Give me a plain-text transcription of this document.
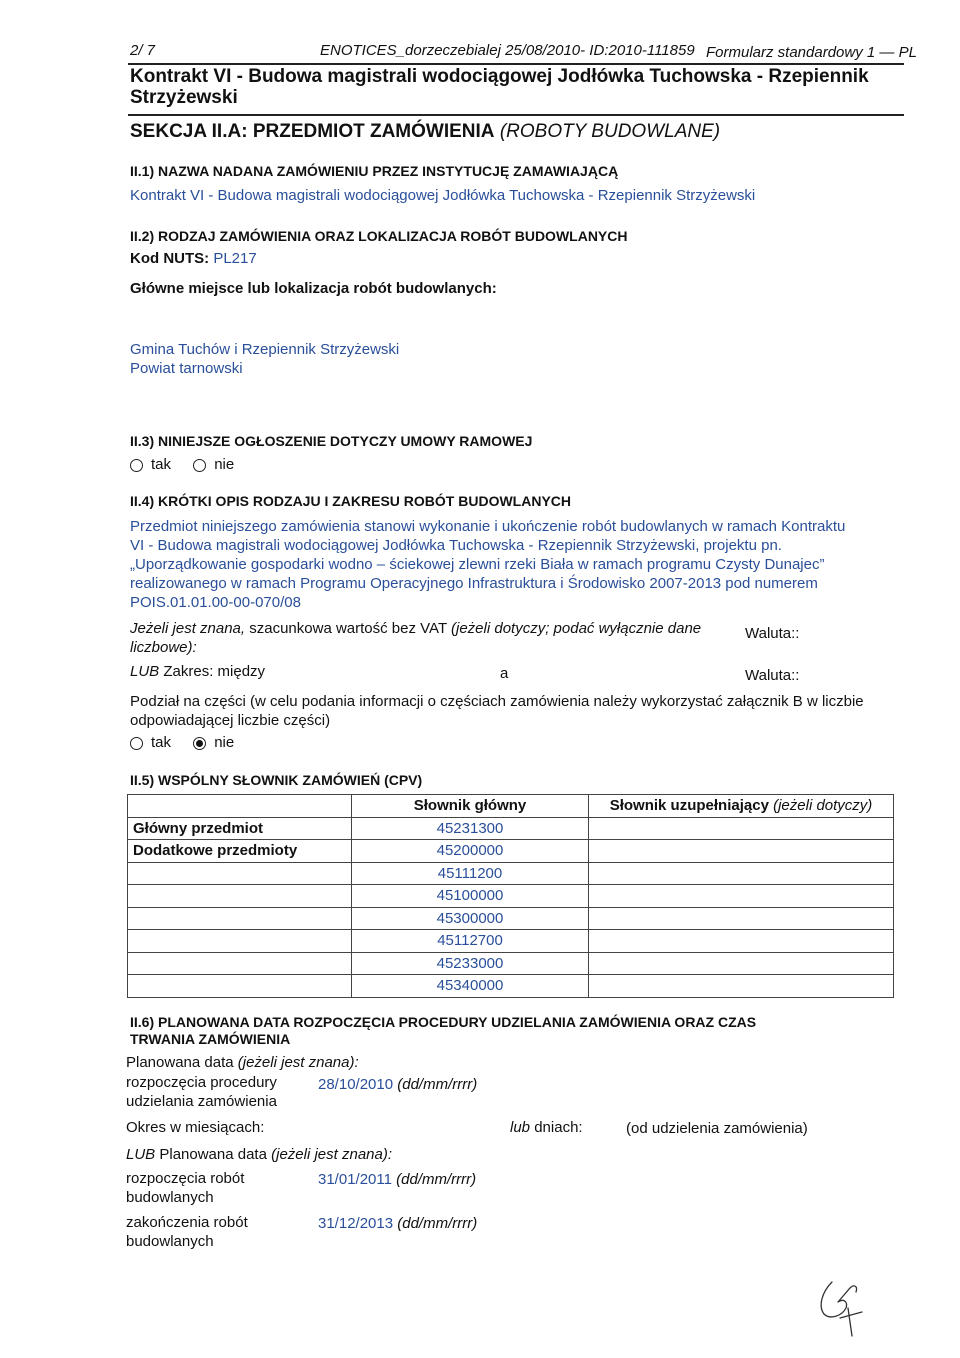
2/ 7	ENOTICES_dorzeczebialej 25/08/2010- ID:2010-111859 Formularz standardowy 1 — PL
Kontrakt VI - Budowa magistrali wodociągowej Jodłówka Tuchowska - Rzepiennik
Strzyżewski
SEKCJA II.A: PRZEDMIOT ZAMÓWIENIA (ROBOTY BUDOWLANE)
II.1) NAZWA NADANA ZAMÓWIENIU PRZEZ INSTYTUCJĘ ZAMAWIAJĄCĄ
Kontrakt VI - Budowa magistrali wodociągowej Jodłówka Tuchowska - Rzepiennik Strzyżewski
II.2) RODZAJ ZAMÓWIENIA ORAZ LOKALIZACJA ROBÓT BUDOWLANYCH
Kod NUTS: PL217
Główne miejsce lub lokalizacja robót budowlanych:
Gmina Tuchów i Rzepiennik Strzyżewski
Powiat tarnowski
II.3) NINIEJSZE OGŁOSZENIE DOTYCZY UMOWY RAMOWEJ
tak	nie
II.4) KRÓTKI OPIS RODZAJU I ZAKRESU ROBÓT BUDOWLANYCH
Przedmiot niniejszego zamówienia stanowi wykonanie i ukończenie robót budowlanych w ramach Kontraktu
VI - Budowa magistrali wodociągowej Jodłówka Tuchowska - Rzepiennik Strzyżewski, projektu pn.
„Uporządkowanie gospodarki wodno – ściekowej zlewni rzeki Biała w ramach programu Czysty Dunajec”
realizowanego w ramach Programu Operacyjnego Infrastruktura i Środowisko 2007-2013 pod numerem
POIS.01.01.00-00-070/08
Jeżeli jest znana, szacunkowa wartość bez VAT (jeżeli dotyczy; podać wyłącznie dane
liczbowe):
Waluta::
LUB Zakres: między	a	Waluta::
Podział na części (w celu podania informacji o częściach zamówienia należy wykorzystać załącznik B w liczbie
odpowiadającej liczbie części)
tak	nie
II.5) WSPÓLNY SŁOWNIK ZAMÓWIEŃ (CPV)
	Słownik główny	Słownik uzupełniający (jeżeli dotyczy)
Główny przedmiot	45231300	
Dodatkowe przedmioty	45200000	
	45111200	
	45100000	
	45300000	
	45112700	
	45233000	
	45340000	
II.6) PLANOWANA DATA ROZPOCZĘCIA PROCEDURY UDZIELANIA ZAMÓWIENIA ORAZ CZAS
TRWANIA ZAMÓWIENIA
Planowana data (jeżeli jest znana):
rozpoczęcia procedury
udzielania zamówienia
28/10/2010 (dd/mm/rrrr)
Okres w miesiącach:	lub dniach:	(od udzielenia zamówienia)
LUB Planowana data (jeżeli jest znana):
rozpoczęcia robót
budowlanych
31/01/2011 (dd/mm/rrrr)
zakończenia robót
budowlanych
31/12/2013 (dd/mm/rrrr)
